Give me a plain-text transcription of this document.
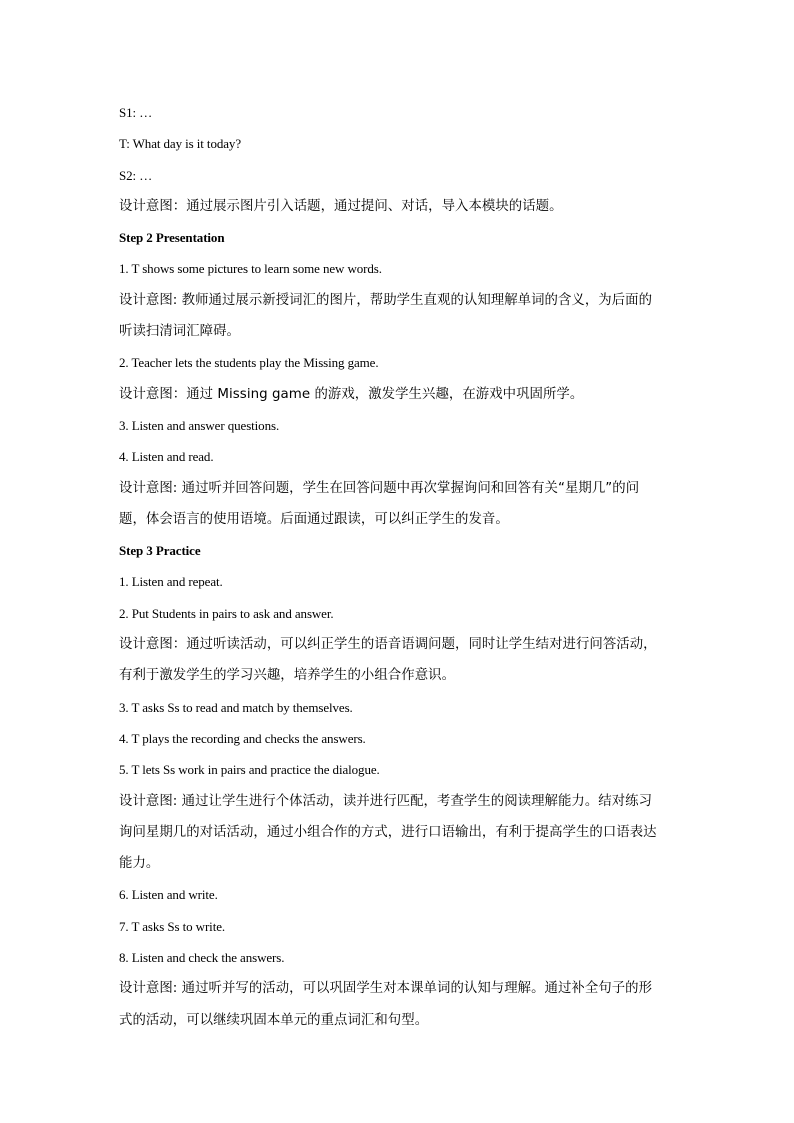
S1: …
T: What day is it today?
S2: …
设计意图：通过展示图片引入话题，通过提问、对话，导入本模块的话题。
Step 2 Presentation
1. T shows some pictures to learn some new words.
设计意图: 教师通过展示新授词汇的图片，帮助学生直观的认知理解单词的含义，为后面的
听读扫清词汇障碍。
2. Teacher lets the students play the Missing game.
设计意图：通过 Missing game 的游戏，激发学生兴趣，在游戏中巩固所学。
3. Listen and answer questions.
4. Listen and read.
设计意图: 通过听并回答问题，学生在回答问题中再次掌握询问和回答有关“星期几”的问
题，体会语言的使用语境。后面通过跟读，可以纠正学生的发音。
Step 3 Practice
1. Listen and repeat.
2. Put Students in pairs to ask and answer.
设计意图：通过听读活动，可以纠正学生的语音语调问题，同时让学生结对进行问答活动，
有利于激发学生的学习兴趣，培养学生的小组合作意识。
3. T asks Ss to read and match by themselves.
4. T plays the recording and checks the answers.
5. T lets Ss work in pairs and practice the dialogue.
设计意图: 通过让学生进行个体活动，读并进行匹配，考查学生的阅读理解能力。结对练习
询问星期几的对话活动，通过小组合作的方式，进行口语输出，有利于提高学生的口语表达
能力。
6. Listen and write.
7. T asks Ss to write.
8. Listen and check the answers.
设计意图: 通过听并写的活动，可以巩固学生对本课单词的认知与理解。通过补全句子的形
式的活动，可以继续巩固本单元的重点词汇和句型。
